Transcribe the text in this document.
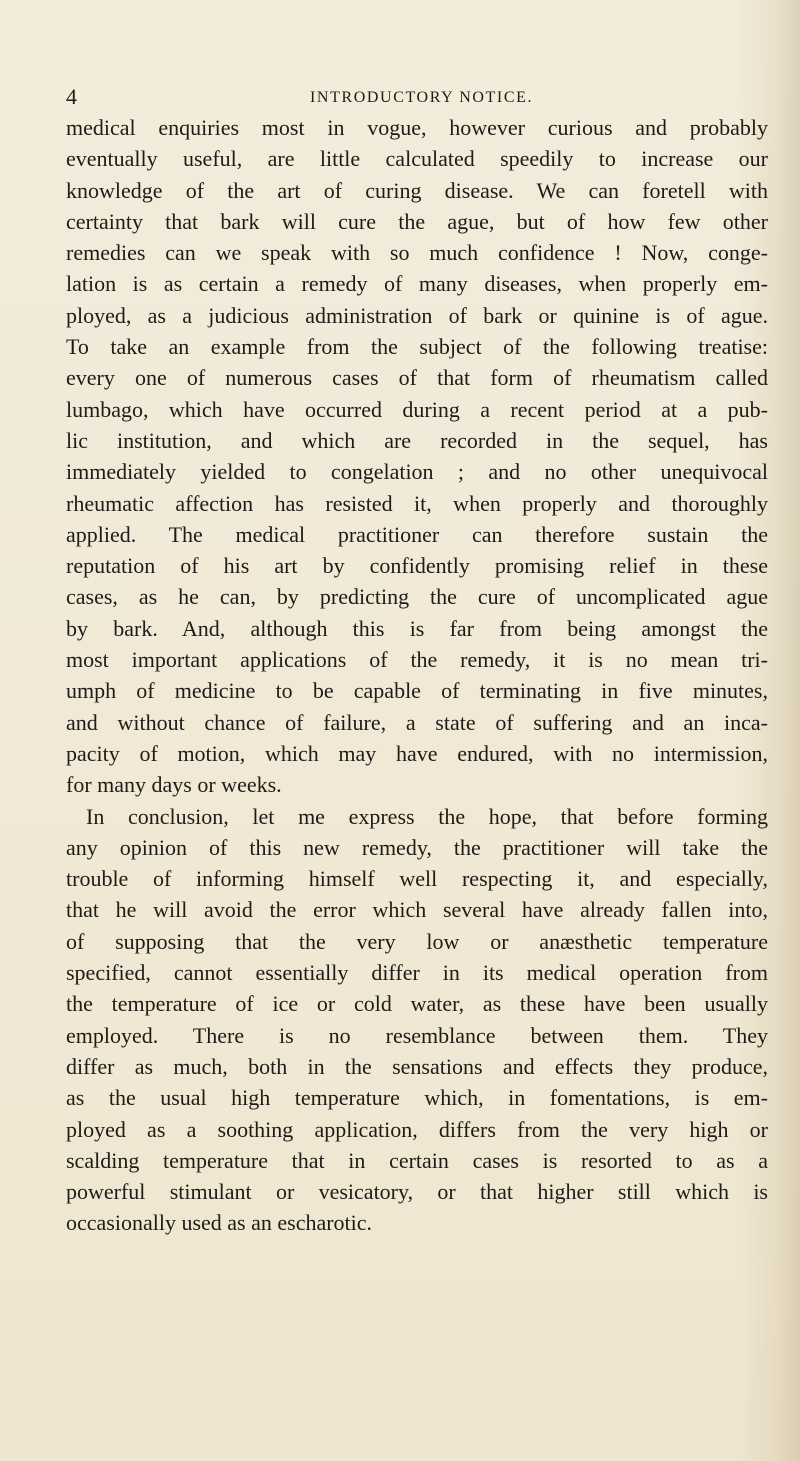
4	INTRODUCTORY NOTICE.
medical enquiries most in vogue, however curious and probably
eventually useful, are little calculated speedily to increase our
knowledge of the art of curing disease. We can foretell with
certainty that bark will cure the ague, but of how few other
remedies can we speak with so much confidence ! Now, conge-
lation is as certain a remedy of many diseases, when properly em-
ployed, as a judicious administration of bark or quinine is of ague.
To take an example from the subject of the following treatise:
every one of numerous cases of that form of rheumatism called
lumbago, which have occurred during a recent period at a pub-
lic institution, and which are recorded in the sequel, has
immediately yielded to congelation ; and no other unequivocal
rheumatic affection has resisted it, when properly and thoroughly
applied. The medical practitioner can therefore sustain the
reputation of his art by confidently promising relief in these
cases, as he can, by predicting the cure of uncomplicated ague
by bark. And, although this is far from being amongst the
most important applications of the remedy, it is no mean tri-
umph of medicine to be capable of terminating in five minutes,
and without chance of failure, a state of suffering and an inca-
pacity of motion, which may have endured, with no intermission,
for many days or weeks.
In conclusion, let me express the hope, that before forming
any opinion of this new remedy, the practitioner will take the
trouble of informing himself well respecting it, and especially,
that he will avoid the error which several have already fallen into,
of supposing that the very low or anæsthetic temperature
specified, cannot essentially differ in its medical operation from
the temperature of ice or cold water, as these have been usually
employed. There is no resemblance between them. They
differ as much, both in the sensations and effects they produce,
as the usual high temperature which, in fomentations, is em-
ployed as a soothing application, differs from the very high or
scalding temperature that in certain cases is resorted to as a
powerful stimulant or vesicatory, or that higher still which is
occasionally used as an escharotic.
